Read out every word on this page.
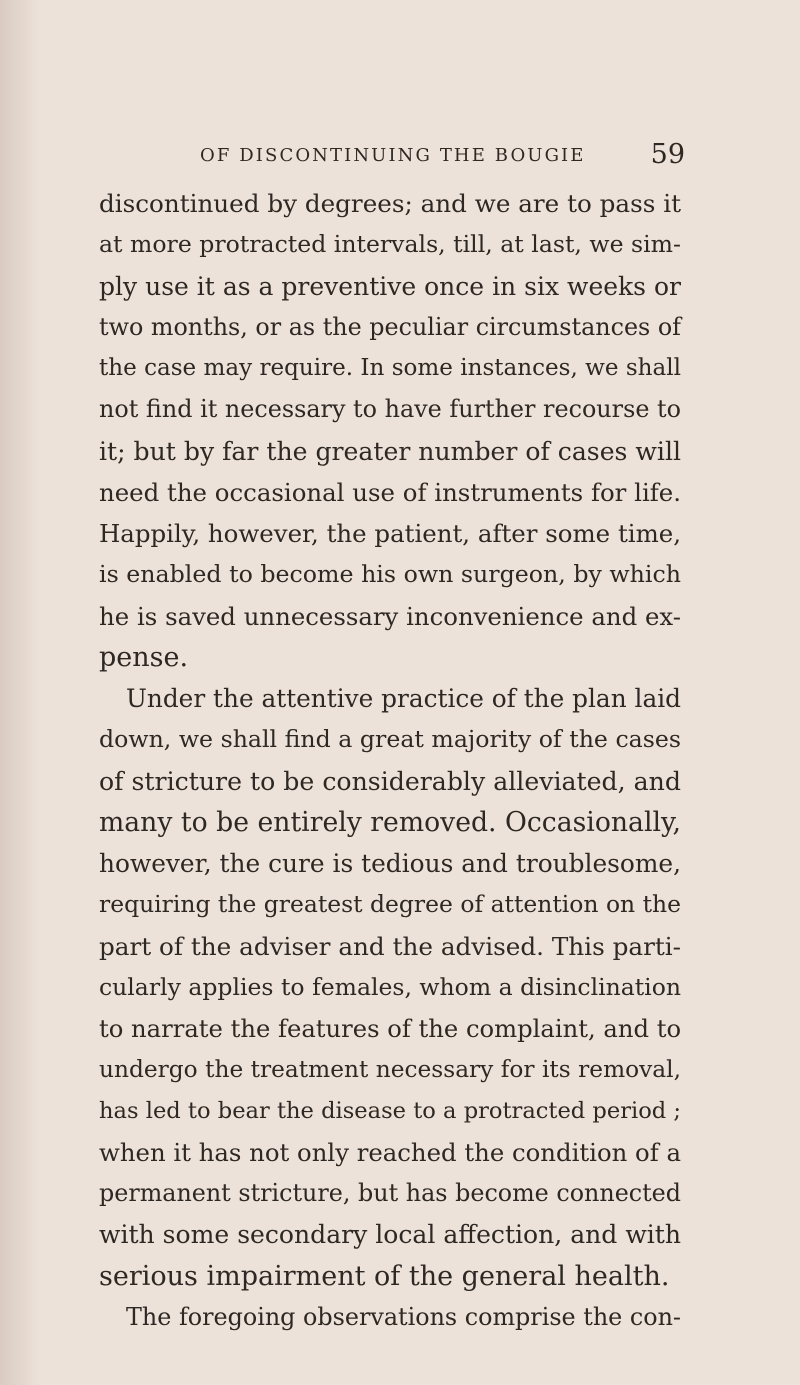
OF DISCONTINUING THE BOUGIE 59
discontinued by degrees; and we are to pass it
at more protracted intervals, till, at last, we sim-
ply use it as a preventive once in six weeks or
two months, or as the peculiar circumstances of
the case may require. In some instances, we shall
not find it necessary to have further recourse to
it; but by far the greater number of cases will
need the occasional use of instruments for life.
Happily, however, the patient, after some time,
is enabled to become his own surgeon, by which
he is saved unnecessary inconvenience and ex-
pense.
Under the attentive practice of the plan laid
down, we shall find a great majority of the cases
of stricture to be considerably alleviated, and
many to be entirely removed. Occasionally,
however, the cure is tedious and troublesome,
requiring the greatest degree of attention on the
part of the adviser and the advised. This parti-
cularly applies to females, whom a disinclination
to narrate the features of the complaint, and to
undergo the treatment necessary for its removal,
has led to bear the disease to a protracted period ;
when it has not only reached the condition of a
permanent stricture, but has become connected
with some secondary local affection, and with
serious impairment of the general health.
The foregoing observations comprise the con-
